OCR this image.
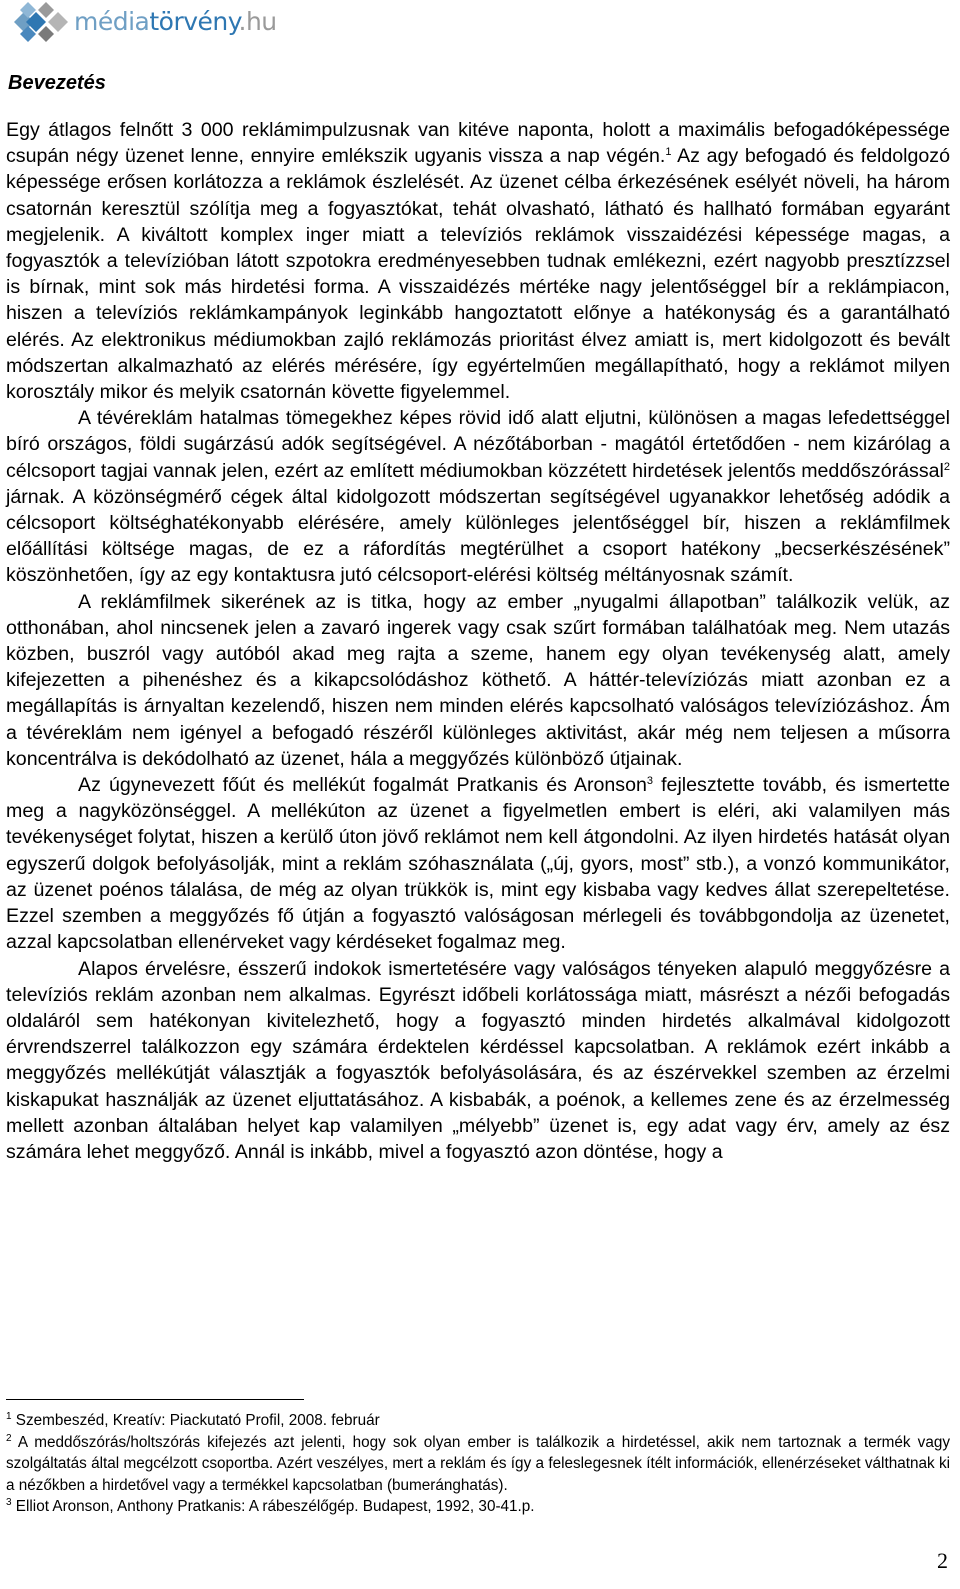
médiatörvény.hu
Bevezetés

Egy átlagos felnőtt 3 000 reklámimpulzusnak van kitéve naponta, holott a maximális befogadóképessége csupán négy üzenet lenne, ennyire emlékszik ugyanis vissza a nap végén.$^1$ Az agy befogadó és feldolgozó képessége erősen korlátozza a reklámok észlelését. Az üzenet célba érkezésének esélyét növeli, ha három csatornán keresztül szólítja meg a fogyasztókat, tehát olvasható, látható és hallható formában egyaránt megjelenik. A kiváltott komplex inger miatt a televíziós reklámok visszaidézési képessége magas, a fogyasztók a televízióban látott szpotokra eredményesebben tudnak emlékezni, ezért nagyobb presztízzsel is bírnak, mint sok más hirdetési forma. A visszaidézés mértéke nagy jelentőséggel bír a reklámpiacon, hiszen a televíziós reklámkampányok leginkább hangoztatott előnye a hatékonyság és a garantálható elérés. Az elektronikus médiumokban zajló reklámozás prioritást élvez amiatt is, mert kidolgozott és bevált módszertan alkalmazható az elérés mérésére, így egyértelműen megállapítható, hogy a reklámot milyen korosztály mikor és melyik csatornán követte figyelemmel.

A tévéreklám hatalmas tömegekhez képes rövid idő alatt eljutni, különösen a magas lefedettséggel bíró országos, földi sugárzású adók segítségével. A nézőtáborban - magától értetődően - nem kizárólag a célcsoport tagjai vannak jelen, ezért az említett médiumokban közzétett hirdetések jelentős meddőszórással$^2$ járnak. A közönségmérő cégek által kidolgozott módszertan segítségével ugyanakkor lehetőség adódik a célcsoport költséghatékonyabb elérésére, amely különleges jelentőséggel bír, hiszen a reklámfilmek előállítási költsége magas, de ez a ráfordítás megtérülhet a csoport hatékony „becserkészésének” köszönhetően, így az egy kontaktusra jutó célcsoport-elérési költség méltányosnak számít.

A reklámfilmek sikerének az is titka, hogy az ember „nyugalmi állapotban” találkozik velük, az otthonában, ahol nincsenek jelen a zavaró ingerek vagy csak szűrt formában találhatóak meg. Nem utazás közben, buszról vagy autóból akad meg rajta a szeme, hanem egy olyan tevékenység alatt, amely kifejezetten a pihenéshez és a kikapcsolódáshoz köthető. A háttér-televíziózás miatt azonban ez a megállapítás is árnyaltan kezelendő, hiszen nem minden elérés kapcsolható valóságos televíziózáshoz. Ám a tévéreklám nem igényel a befogadó részéről különleges aktivitást, akár még nem teljesen a műsorra koncentrálva is dekódolható az üzenet, hála a meggyőzés különböző útjainak.

Az úgynevezett főút és mellékút fogalmát Pratkanis és Aronson$^3$ fejlesztette tovább, és ismertette meg a nagyközönséggel. A mellékúton az üzenet a figyelmetlen embert is eléri, aki valamilyen más tevékenységet folytat, hiszen a kerülő úton jövő reklámot nem kell átgondolni. Az ilyen hirdetés hatását olyan egyszerű dolgok befolyásolják, mint a reklám szóhasználata („új, gyors, most” stb.), a vonzó kommunikátor, az üzenet poénos tálalása, de még az olyan trükkök is, mint egy kisbaba vagy kedves állat szerepeltetése. Ezzel szemben a meggyőzés fő útján a fogyasztó valóságosan mérlegeli és továbbgondolja az üzenetet, azzal kapcsolatban ellenérveket vagy kérdéseket fogalmaz meg.

Alapos érvelésre, ésszerű indokok ismertetésére vagy valóságos tényeken alapuló meggyőzésre a televíziós reklám azonban nem alkalmas. Egyrészt időbeli korlátossága miatt, másrészt a nézői befogadás oldaláról sem hatékonyan kivitelezhető, hogy a fogyasztó minden hirdetés alkalmával kidolgozott érvrendszerrel találkozzon egy számára érdektelen kérdéssel kapcsolatban. A reklámok ezért inkább a meggyőzés mellékútját választják a fogyasztók befolyásolására, és az észérvekkel szemben az érzelmi kiskapukat használják az üzenet eljuttatásához. A kisbabák, a poénok, a kellemes zene és az érzelmesség mellett azonban általában helyet kap valamilyen „mélyebb” üzenet is, egy adat vagy érv, amely az ész számára lehet meggyőző. Annál is inkább, mivel a fogyasztó azon döntése, hogy a

$^1$ Szembeszéd, Kreatív: Piackutató Profil, 2008. február

$^2$ A meddőszórás/holtszórás kifejezés azt jelenti, hogy sok olyan ember is találkozik a hirdetéssel, akik nem tartoznak a termék vagy szolgáltatás által megcélzott csoportba. Azért veszélyes, mert a reklám és így a feleslegesnek ítélt információk, ellenérzéseket válthatnak ki a nézőkben a hirdetővel vagy a termékkel kapcsolatban (bumeránghatás).

$^3$ Elliot Aronson, Anthony Pratkanis: A rábeszélőgép. Budapest, 1992, 30-41.p.

2
